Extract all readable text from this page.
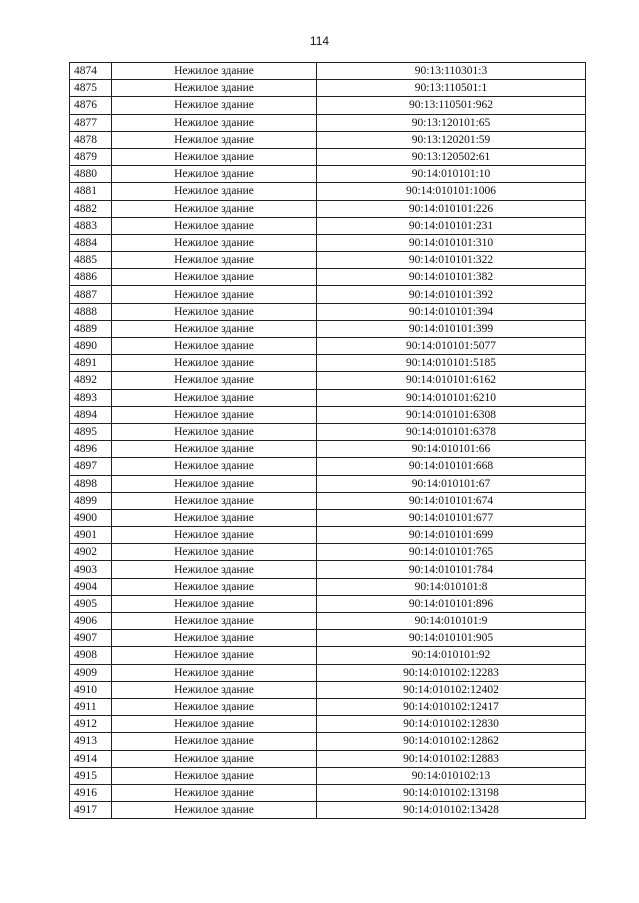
114
4874	Нежилое здание	90:13:110301:3
4875	Нежилое здание	90:13:110501:1
4876	Нежилое здание	90:13:110501:962
4877	Нежилое здание	90:13:120101:65
4878	Нежилое здание	90:13:120201:59
4879	Нежилое здание	90:13:120502:61
4880	Нежилое здание	90:14:010101:10
4881	Нежилое здание	90:14:010101:1006
4882	Нежилое здание	90:14:010101:226
4883	Нежилое здание	90:14:010101:231
4884	Нежилое здание	90:14:010101:310
4885	Нежилое здание	90:14:010101:322
4886	Нежилое здание	90:14:010101:382
4887	Нежилое здание	90:14:010101:392
4888	Нежилое здание	90:14:010101:394
4889	Нежилое здание	90:14:010101:399
4890	Нежилое здание	90:14:010101:5077
4891	Нежилое здание	90:14:010101:5185
4892	Нежилое здание	90:14:010101:6162
4893	Нежилое здание	90:14:010101:6210
4894	Нежилое здание	90:14:010101:6308
4895	Нежилое здание	90:14:010101:6378
4896	Нежилое здание	90:14:010101:66
4897	Нежилое здание	90:14:010101:668
4898	Нежилое здание	90:14:010101:67
4899	Нежилое здание	90:14:010101:674
4900	Нежилое здание	90:14:010101:677
4901	Нежилое здание	90:14:010101:699
4902	Нежилое здание	90:14:010101:765
4903	Нежилое здание	90:14:010101:784
4904	Нежилое здание	90:14:010101:8
4905	Нежилое здание	90:14:010101:896
4906	Нежилое здание	90:14:010101:9
4907	Нежилое здание	90:14:010101:905
4908	Нежилое здание	90:14:010101:92
4909	Нежилое здание	90:14:010102:12283
4910	Нежилое здание	90:14:010102:12402
4911	Нежилое здание	90:14:010102:12417
4912	Нежилое здание	90:14:010102:12830
4913	Нежилое здание	90:14:010102:12862
4914	Нежилое здание	90:14:010102:12883
4915	Нежилое здание	90:14:010102:13
4916	Нежилое здание	90:14:010102:13198
4917	Нежилое здание	90:14:010102:13428
